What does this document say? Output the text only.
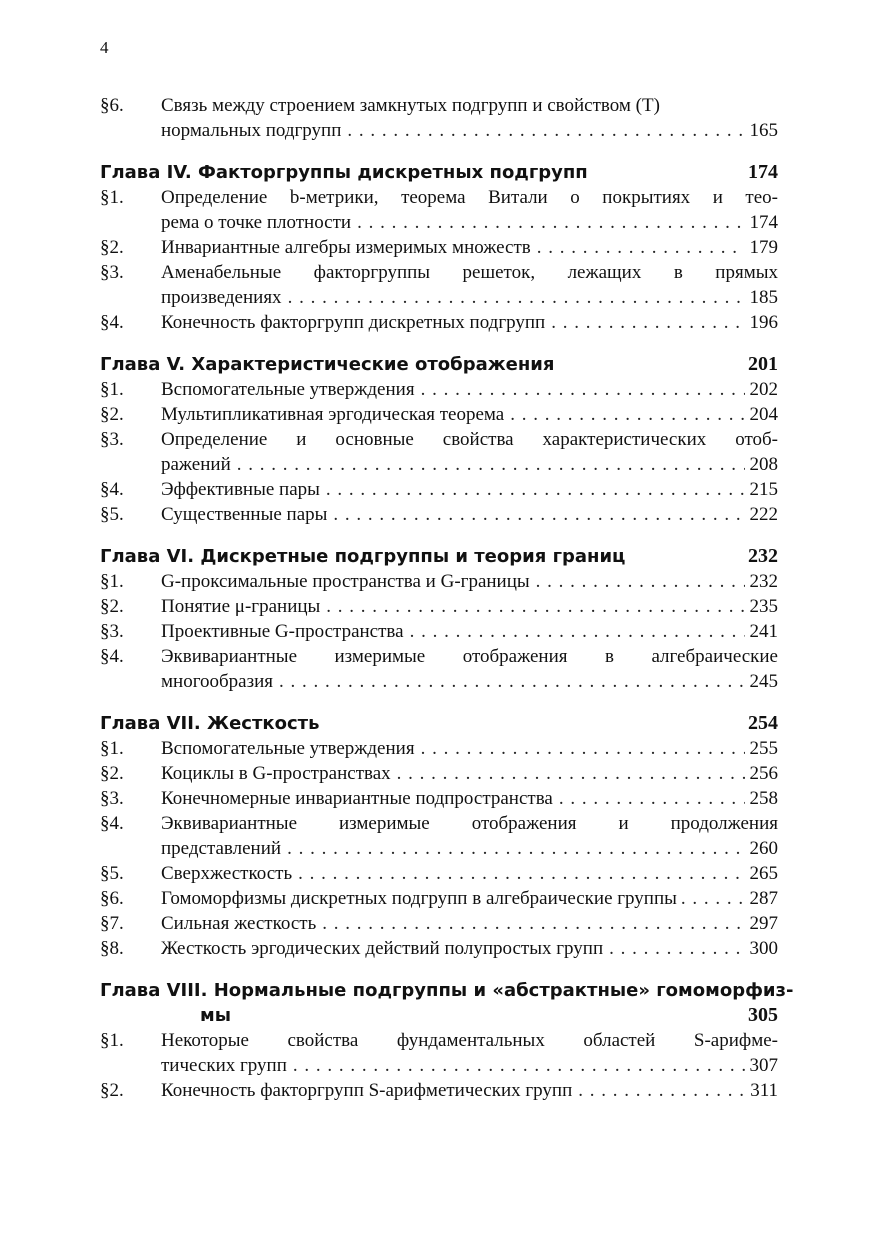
4
§6.	Связь между строением замкнутых подгрупп и свойством (T)
нормальных подгрупп . . .	165
Глава IV. Факторгруппы дискретных подгрупп	174
§1.	Определение b-метрики, теорема Витали о покрытиях и тео-
рема о точке плотности . . .	174
§2.	Инвариантные алгебры измеримых множеств . . .	179
§3.	Аменабельные факторгруппы решеток, лежащих в прямых
произведениях . . .	185
§4.	Конечность факторгрупп дискретных подгрупп . . .	196
Глава V. Характеристические отображения	201
§1.	Вспомогательные утверждения . . .	202
§2.	Мультипликативная эргодическая теорема . . .	204
§3.	Определение и основные свойства характеристических отоб-
ражений . . .	208
§4.	Эффективные пары . . .	215
§5.	Существенные пары . . .	222
Глава VI. Дискретные подгруппы и теория границ	232
§1.	G-проксимальные пространства и G-границы . . .	232
§2.	Понятие μ-границы . . .	235
§3.	Проективные G-пространства . . .	241
§4.	Эквивариантные измеримые отображения в алгебраические
многообразия . . .	245
Глава VII. Жесткость	254
§1.	Вспомогательные утверждения . . .	255
§2.	Коциклы в G-пространствах . . .	256
§3.	Конечномерные инвариантные подпространства . . .	258
§4.	Эквивариантные измеримые отображения и продолжения
представлений . . .	260
§5.	Сверхжесткость . . .	265
§6.	Гомоморфизмы дискретных подгрупп в алгебраические группы . . .	287
§7.	Сильная жесткость . . .	297
§8.	Жесткость эргодических действий полупростых групп . . .	300
Глава VIII. Нормальные подгруппы и «абстрактные» гомоморфиз-
мы	305
§1.	Некоторые свойства фундаментальных областей S-арифме-
тических групп . . .	307
§2.	Конечность факторгрупп S-арифметических групп . . .	311
